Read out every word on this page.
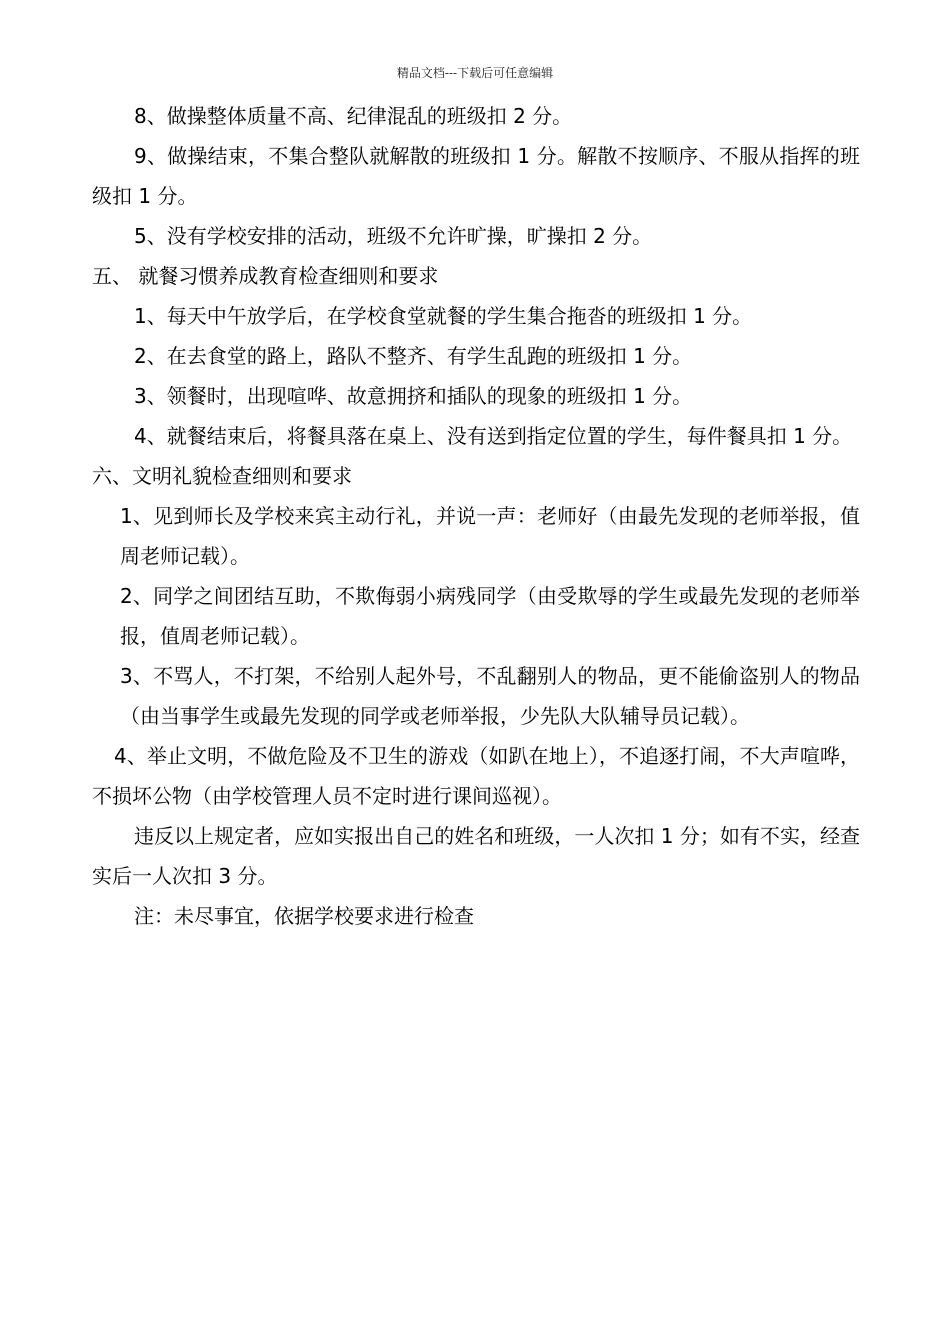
精品文档---下载后可任意编辑

8、做操整体质量不高、纪律混乱的班级扣 2 分。

9、做操结束，不集合整队就解散的班级扣 1 分。解散不按顺序、不服从指挥的班级扣 1 分。

5、没有学校安排的活动，班级不允许旷操，旷操扣 2 分。

五、 就餐习惯养成教育检查细则和要求

1、每天中午放学后，在学校食堂就餐的学生集合拖沓的班级扣 1 分。

2、在去食堂的路上，路队不整齐、有学生乱跑的班级扣 1 分。

3、领餐时，出现喧哗、故意拥挤和插队的现象的班级扣 1 分。

4、就餐结束后，将餐具落在桌上、没有送到指定位置的学生，每件餐具扣 1 分。

六、文明礼貌检查细则和要求

1、见到师长及学校来宾主动行礼，并说一声：老师好（由最先发现的老师举报，值周老师记载）。

2、同学之间团结互助，不欺侮弱小病残同学（由受欺辱的学生或最先发现的老师举报，值周老师记载）。

3、不骂人，不打架，不给别人起外号，不乱翻别人的物品，更不能偷盗别人的物品（由当事学生或最先发现的同学或老师举报，少先队大队辅导员记载）。

4、举止文明，不做危险及不卫生的游戏（如趴在地上），不追逐打闹，不大声喧哗，不损坏公物（由学校管理人员不定时进行课间巡视）。

违反以上规定者，应如实报出自己的姓名和班级，一人次扣 1 分；如有不实，经查实后一人次扣 3 分。

注：未尽事宜，依据学校要求进行检查
